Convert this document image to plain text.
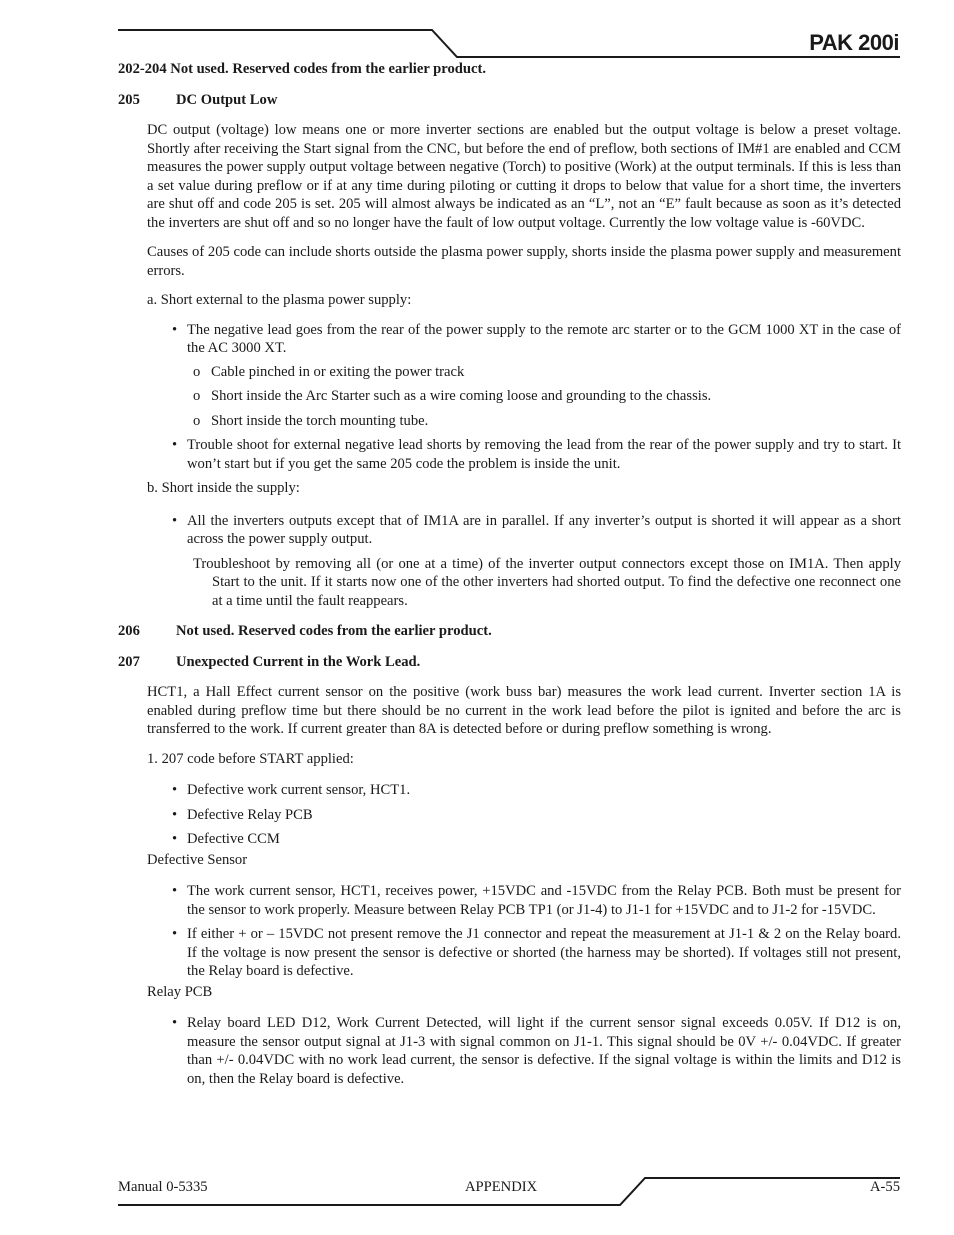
PAK 200i

202-204 Not used. Reserved codes from the earlier product.

205 DC Output Low

DC output (voltage) low means one or more inverter sections are enabled but the output voltage is below a preset voltage. Shortly after receiving the Start signal from the CNC, but before the end of preflow, both sections of IM#1 are enabled and CCM measures the power supply output voltage between negative (Torch) to positive (Work) at the output terminals. If this is less than a set value during preflow or if at any time during piloting or cutting it drops to below that value for a short time, the inverters are shut off and code 205 is set. 205 will almost always be indicated as an “L”, not an “E” fault because as soon as it’s detected the inverters are shut off and so no longer have the fault of low output voltage. Currently the low voltage value is -60VDC.

Causes of 205 code can include shorts outside the plasma power supply, shorts inside the plasma power supply and measurement errors.

a. Short external to the plasma power supply:

• The negative lead goes from the rear of the power supply to the remote arc starter or to the GCM 1000 XT in the case of the AC 3000 XT.
o Cable pinched in or exiting the power track
o Short inside the Arc Starter such as a wire coming loose and grounding to the chassis.
o Short inside the torch mounting tube.
• Trouble shoot for external negative lead shorts by removing the lead from the rear of the power supply and try to start. It won’t start but if you get the same 205 code the problem is inside the unit.

b. Short inside the supply:

• All the inverters outputs except that of IM1A are in parallel. If any inverter’s output is shorted it will appear as a short across the power supply output.

Troubleshoot by removing all (or one at a time) of the inverter output connectors except those on IM1A. Then apply Start to the unit. If it starts now one of the other inverters had shorted output. To find the defective one reconnect one at a time until the fault reappears.

206 Not used. Reserved codes from the earlier product.

207 Unexpected Current in the Work Lead.

HCT1, a Hall Effect current sensor on the positive (work buss bar) measures the work lead current. Inverter section 1A is enabled during preflow time but there should be no current in the work lead before the pilot is ignited and before the arc is transferred to the work. If current greater than 8A is detected before or during preflow something is wrong.

1. 207 code before START applied:

• Defective work current sensor, HCT1.
• Defective Relay PCB
• Defective CCM

Defective Sensor

• The work current sensor, HCT1, receives power, +15VDC and -15VDC from the Relay PCB. Both must be present for the sensor to work properly. Measure between Relay PCB TP1 (or J1-4) to J1-1 for +15VDC and to J1-2 for -15VDC.
• If either + or – 15VDC not present remove the J1 connector and repeat the measurement at J1-1 & 2 on the Relay board. If the voltage is now present the sensor is defective or shorted (the harness may be shorted). If voltages still not present, the Relay board is defective.

Relay PCB

• Relay board LED D12, Work Current Detected, will light if the current sensor signal exceeds 0.05V. If D12 is on, measure the sensor output signal at J1-3 with signal common on J1-1. This signal should be 0V +/- 0.04VDC. If greater than +/- 0.04VDC with no work lead current, the sensor is defective. If the signal voltage is within the limits and D12 is on, then the Relay board is defective.
Manual 0-5335	APPENDIX	A-55
